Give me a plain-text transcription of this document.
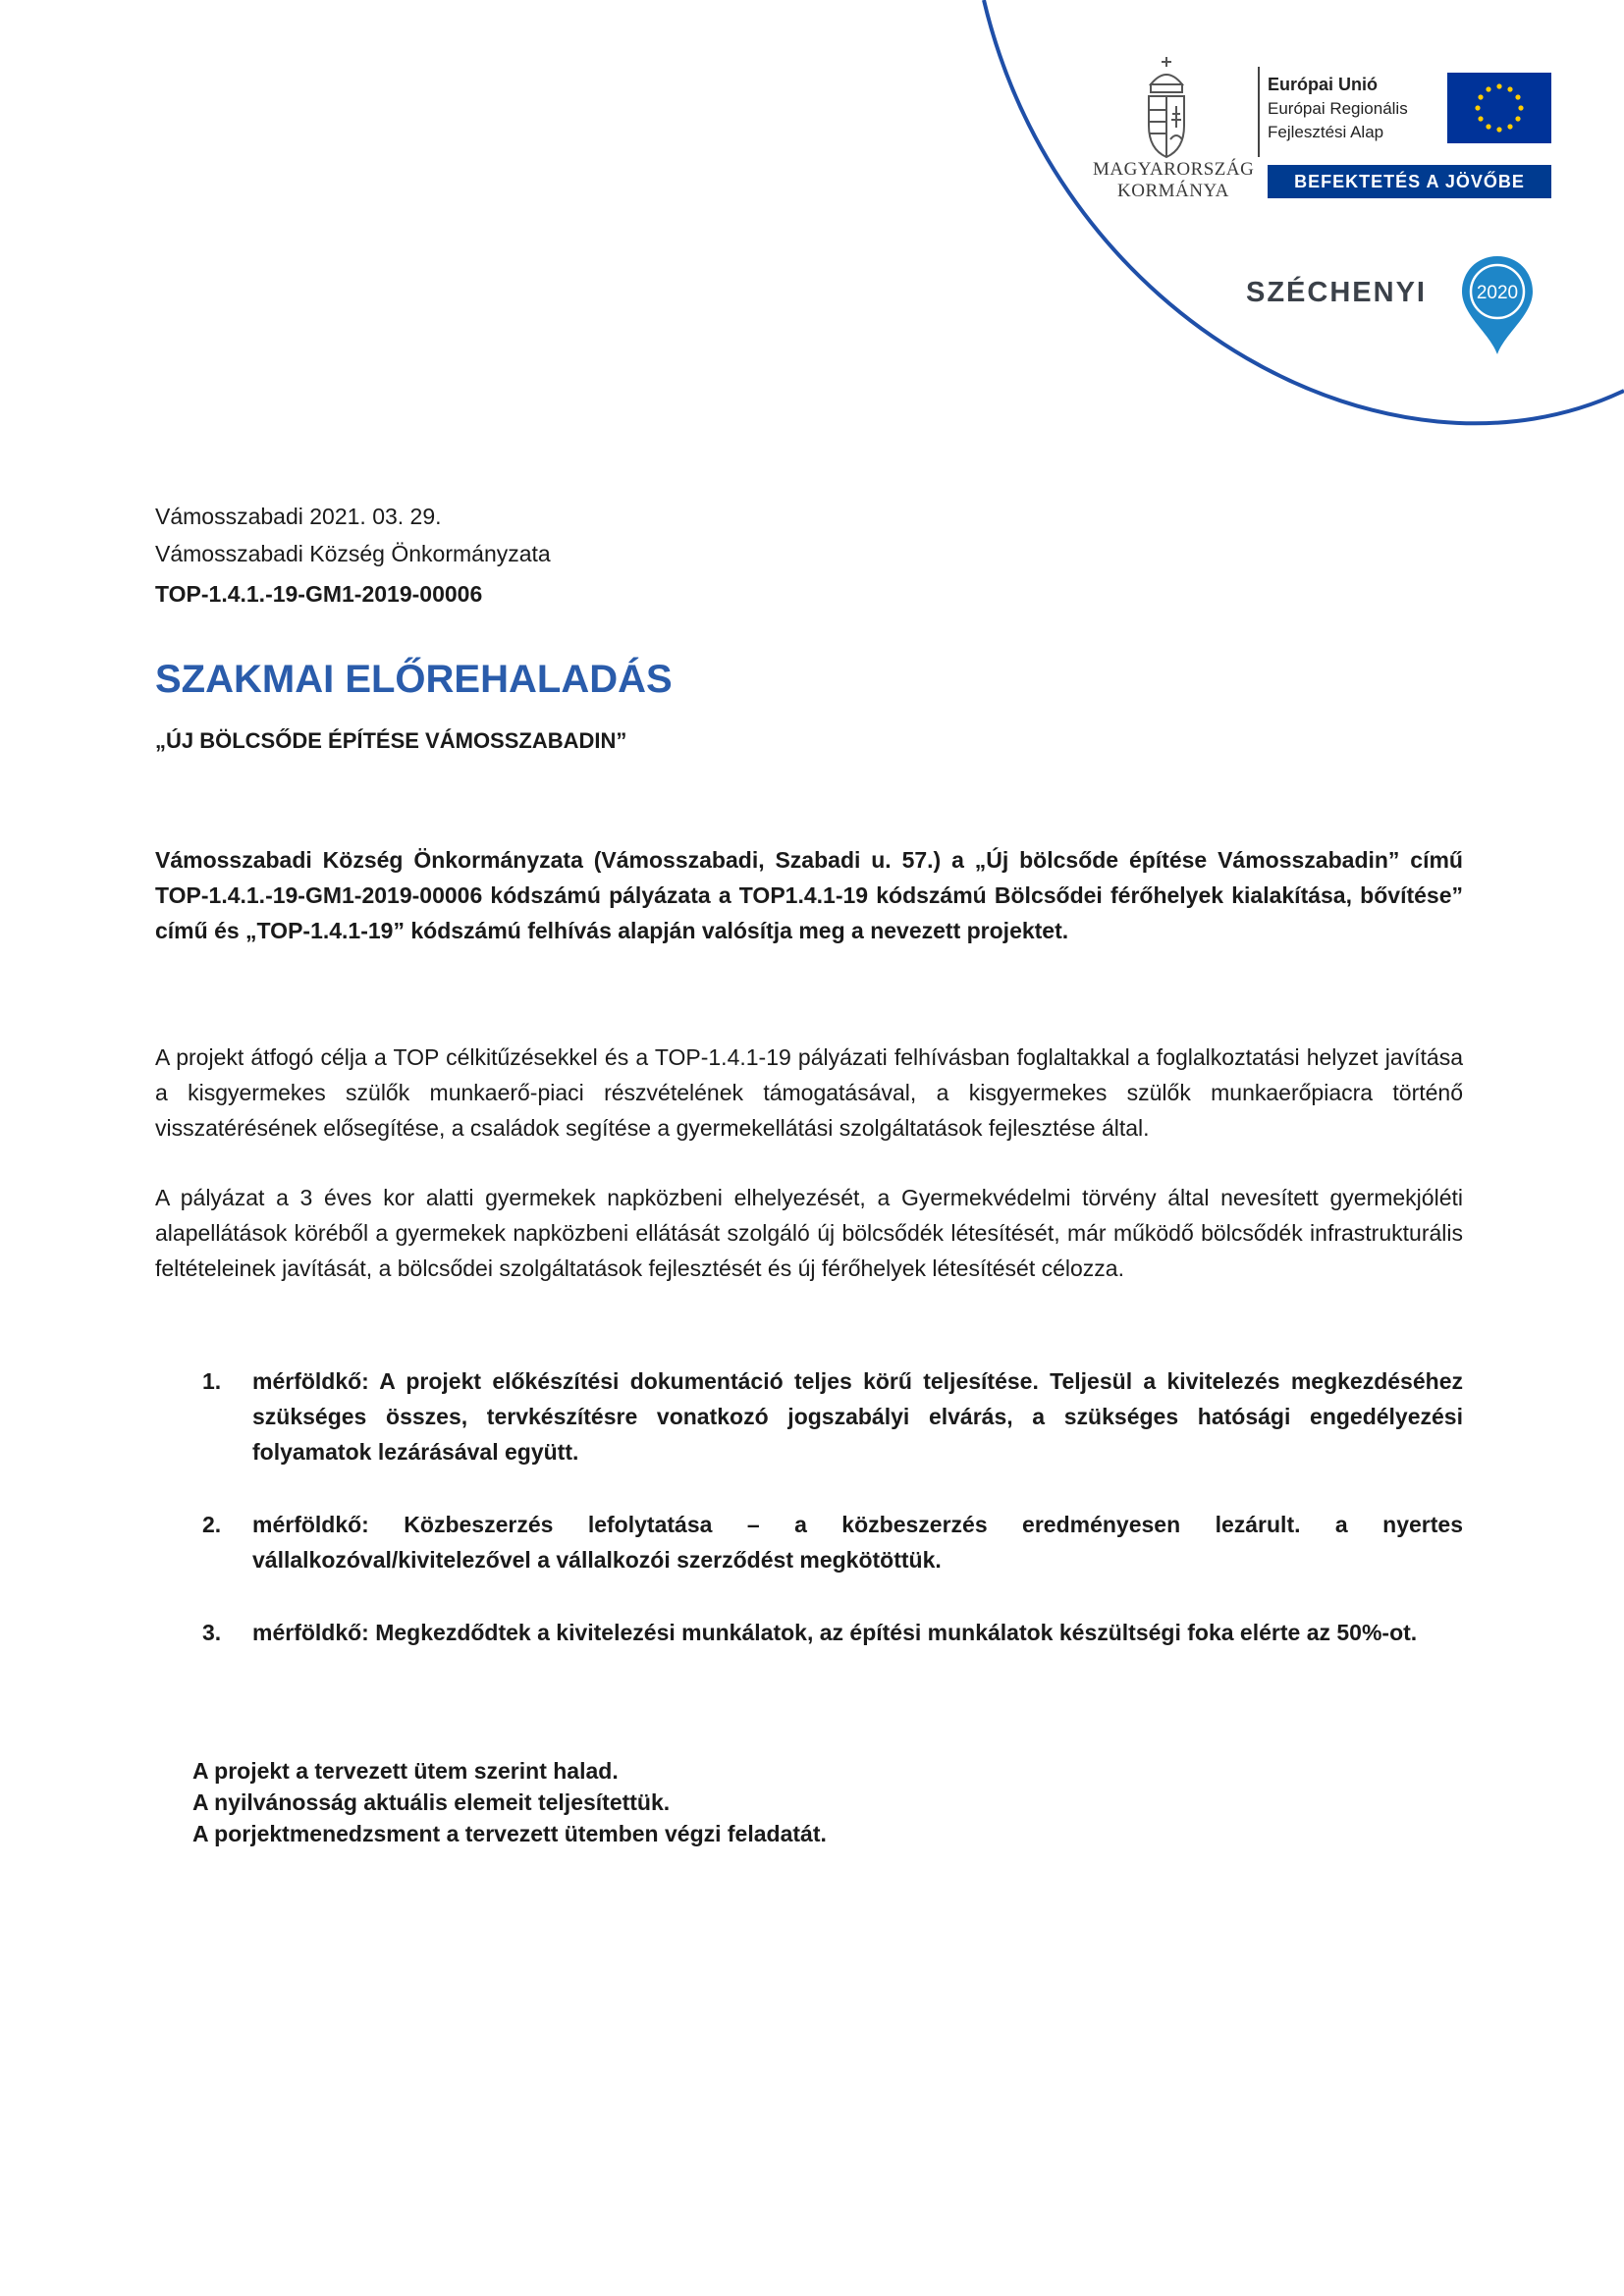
MAGYARORSZÁG
KORMÁNYA
Európai Unió
Európai Regionális
Fejlesztési Alap
BEFEKTETÉS A JÖVŐBE
SZÉCHENYI	2020
Vámosszabadi 2021. 03. 29.
Vámosszabadi Község Önkormányzata
TOP-1.4.1.-19-GM1-2019-00006
SZAKMAI ELŐREHALADÁS
„ÚJ BÖLCSŐDE ÉPÍTÉSE VÁMOSSZABADIN”

Vámosszabadi Község Önkormányzata (Vámosszabadi, Szabadi u. 57.) a „Új bölcsőde építése Vámosszabadin” című TOP-1.4.1.-19-GM1-2019-00006 kódszámú pályázata a TOP1.4.1-19 kódszámú Bölcsődei férőhelyek kialakítása, bővítése” című és „TOP-1.4.1-19” kódszámú felhívás alapján valósítja meg a nevezett projektet.

A projekt átfogó célja a TOP célkitűzésekkel és a TOP-1.4.1-19 pályázati felhívásban foglaltakkal a foglalkoztatási helyzet javítása a kisgyermekes szülők munkaerő-piaci részvételének támogatásával, a kisgyermekes szülők munkaerőpiacra történő visszatérésének elősegítése, a családok segítése a gyermekellátási szolgáltatások fejlesztése által.

A pályázat a 3 éves kor alatti gyermekek napközbeni elhelyezését, a Gyermekvédelmi törvény által nevesített gyermekjóléti alapellátások köréből a gyermekek napközbeni ellátását szolgáló új bölcsődék létesítését, már működő bölcsődék infrastrukturális feltételeinek javítását, a bölcsődei szolgáltatások fejlesztését és új férőhelyek létesítését célozza.

1. mérföldkő: A projekt előkészítési dokumentáció teljes körű teljesítése. Teljesül a kivitelezés megkezdéséhez szükséges összes, tervkészítésre vonatkozó jogszabályi elvárás, a szükséges hatósági engedélyezési folyamatok lezárásával együtt.

2. mérföldkő: Közbeszerzés lefolytatása – a közbeszerzés eredményesen lezárult. a nyertes vállalkozóval/kivitelezővel a vállalkozói szerződést megkötöttük.

3. mérföldkő: Megkezdődtek a kivitelezési munkálatok, az építési munkálatok készültségi foka elérte az 50%-ot.

A projekt a tervezett ütem szerint halad.
A nyilvánosság aktuális elemeit teljesítettük.
A porjektmenedzsment a tervezett ütemben végzi feladatát.
